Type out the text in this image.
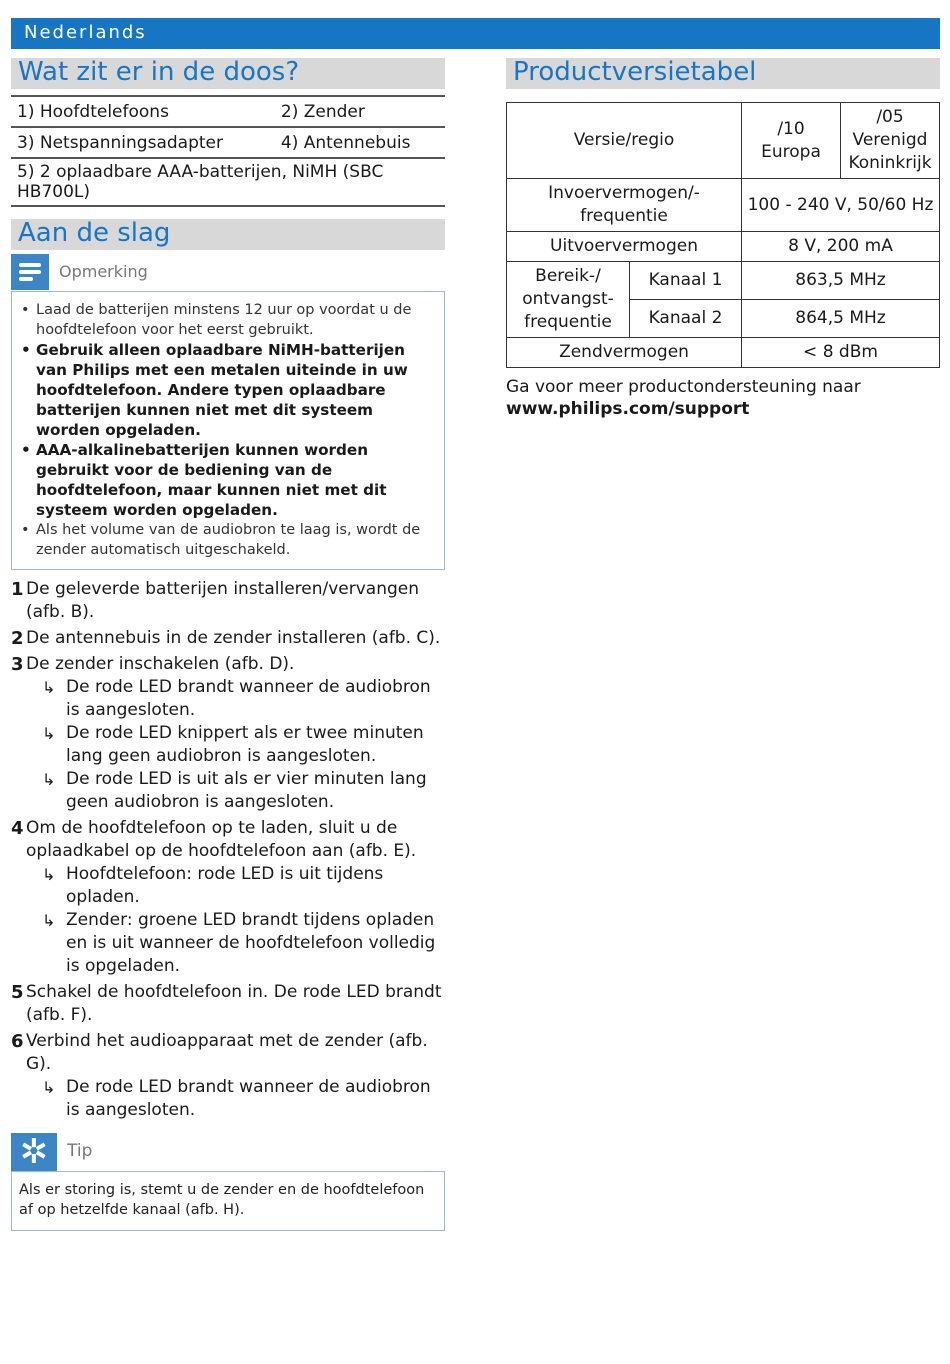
Nederlands
Wat zit er in de doos?
1) Hoofdtelefoons	2) Zender
3) Netspanningsadapter	4) Antennebuis
5) 2 oplaadbare AAA-batterijen, NiMH (SBC HB700L)	
Aan de slag
Opmerking
• Laad de batterijen minstens 12 uur op voordat u de hoofdtelefoon voor het eerst gebruikt.
• Gebruik alleen oplaadbare NiMH-batterijen van Philips met een metalen uiteinde in uw hoofdtelefoon. Andere typen oplaadbare batterijen kunnen niet met dit systeem worden opgeladen.
• AAA-alkalinebatterijen kunnen worden gebruikt voor de bediening van de hoofdtelefoon, maar kunnen niet met dit systeem worden opgeladen.
• Als het volume van de audiobron te laag is, wordt de zender automatisch uitgeschakeld.
1 De geleverde batterijen installeren/vervangen (afb. B).
2 De antennebuis in de zender installeren (afb. C).
3 De zender inschakelen (afb. D).
↳ De rode LED brandt wanneer de audiobron is aangesloten.
↳ De rode LED knippert als er twee minuten lang geen audiobron is aangesloten.
↳ De rode LED is uit als er vier minuten lang geen audiobron is aangesloten.
4 Om de hoofdtelefoon op te laden, sluit u de oplaadkabel op de hoofdtelefoon aan (afb. E).
↳ Hoofdtelefoon: rode LED is uit tijdens opladen.
↳ Zender: groene LED brandt tijdens opladen en is uit wanneer de hoofdtelefoon volledig is opgeladen.
5 Schakel de hoofdtelefoon in. De rode LED brandt (afb. F).
6 Verbind het audioapparaat met de zender (afb. G).
↳ De rode LED brandt wanneer de audiobron is aangesloten.
✲	Tip
Als er storing is, stemt u de zender en de hoofdtelefoon af op hetzelfde kanaal (afb. H).
Productversietabel
Versie/regio		/10 Europa	/05
Verenigd
Koninkrijk

Invoervermogen/-frequentie		100 - 240 V, 50/60 Hz	
Uitvoervermogen		8 V, 200 mA	

Bereik-/
ontvangst-
frequentie	Kanaal 1	863,5 MHz	
	Kanaal 2	864,5 MHz	
Zendvermogen		< 8 dBm	
Ga voor meer productondersteuning naar
www.philips.com/support
